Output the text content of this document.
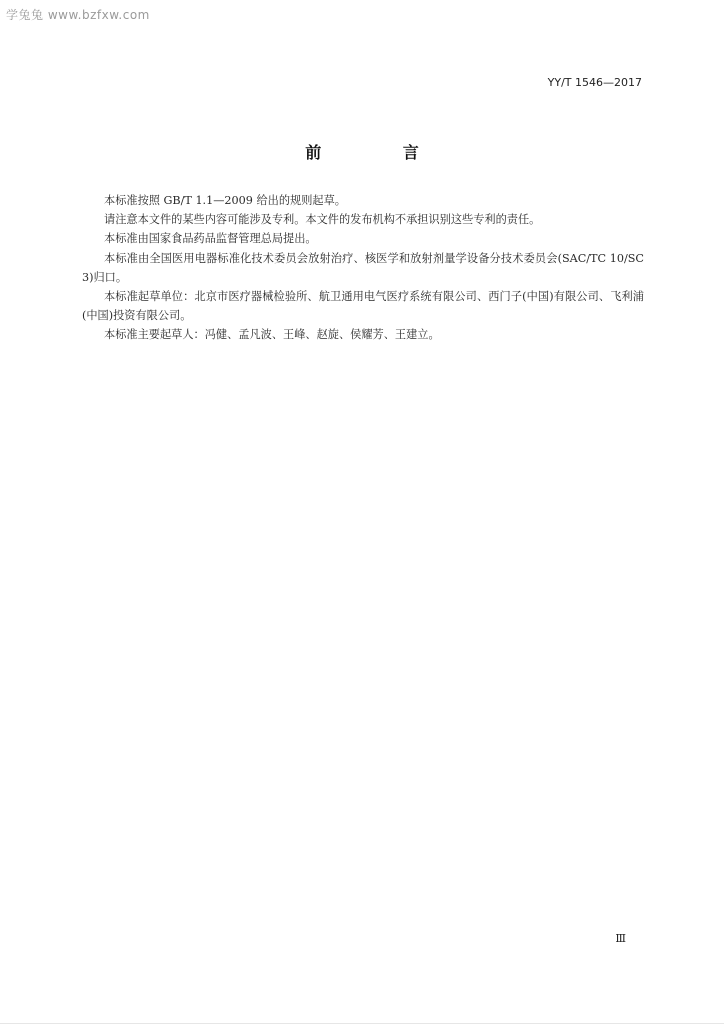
学兔兔 www.bzfxw.com
YY/T 1546—2017
前 言

本标准按照 GB/T 1.1—2009 给出的规则起草。

请注意本文件的某些内容可能涉及专利。本文件的发布机构不承担识别这些专利的责任。

本标准由国家食品药品监督管理总局提出。

本标准由全国医用电器标准化技术委员会放射治疗、核医学和放射剂量学设备分技术委员会(SAC/TC 10/SC 3)归口。

本标准起草单位：北京市医疗器械检验所、航卫通用电气医疗系统有限公司、西门子(中国)有限公司、飞利浦(中国)投资有限公司。

本标准主要起草人：冯健、孟凡波、王峰、赵旋、侯耀芳、王建立。

Ⅲ
